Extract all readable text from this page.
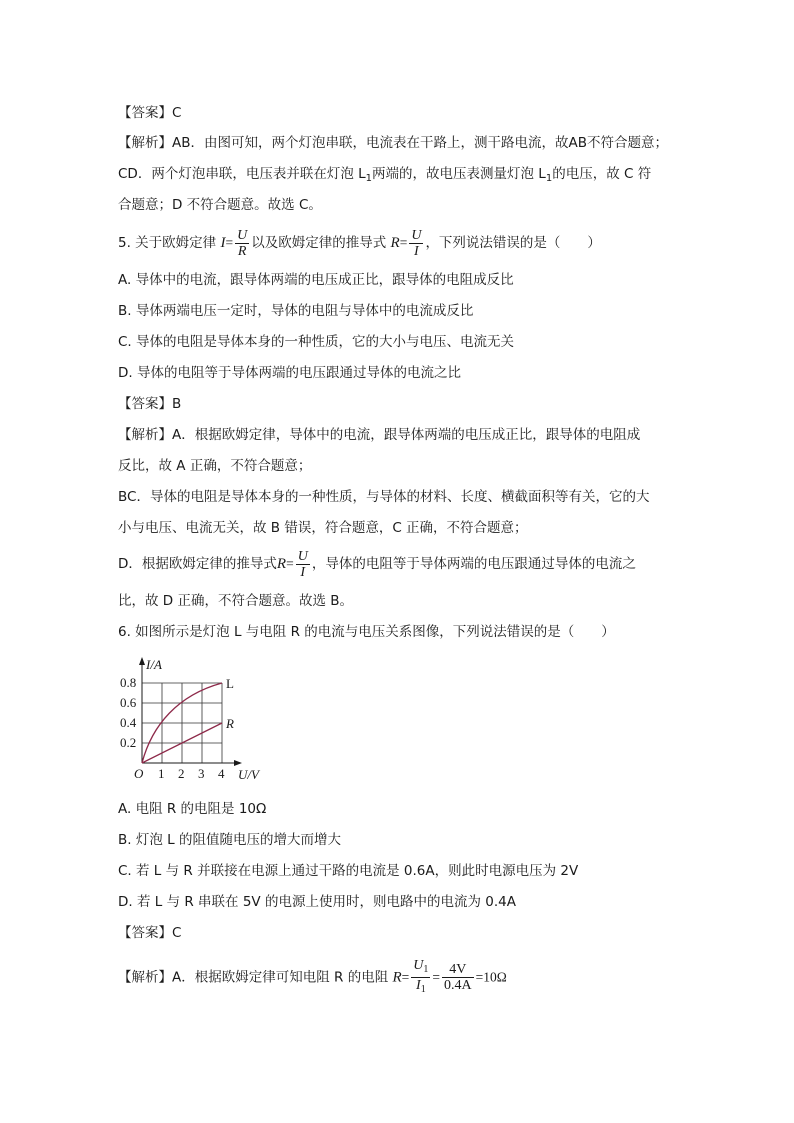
【答案】C
【解析】AB．由图可知，两个灯泡串联，电流表在干路上，测干路电流，故AB不符合题意；
CD．两个灯泡串联，电压表并联在灯泡 $L_1$两端的，故电压表测量灯泡 $L_1$的电压，故 C 符
合题意；D 不符合题意。故选 C。
5. 关于欧姆定律 $I= \frac{U}{R}$ 以及欧姆定律的推导式 $R= \frac{U}{I}$ ，下列说法错误的是（　　）
A. 导体中的电流，跟导体两端的电压成正比，跟导体的电阻成反比
B. 导体两端电压一定时，导体的电阻与导体中的电流成反比
C. 导体的电阻是导体本身的一种性质，它的大小与电压、电流无关
D. 导体的电阻等于导体两端的电压跟通过导体的电流之比
【答案】B
【解析】A．根据欧姆定律，导体中的电流，跟导体两端的电压成正比，跟导体的电阻成
反比，故 A 正确，不符合题意；
BC．导体的电阻是导体本身的一种性质，与导体的材料、长度、横截面积等有关，它的大
小与电压、电流无关，故 B 错误，符合题意，C 正确，不符合题意；
D．根据欧姆定律的推导式$R= \frac{U}{I}$ ，导体的电阻等于导体两端的电压跟通过导体的电流之
比，故 D 正确，不符合题意。故选 B。
6. 如图所示是灯泡 L 与电阻 R 的电流与电压关系图像，下列说法错误的是（　　）
I/A
0.8
0.6
0.4
0.2
O 1 2 3 4 U/V
L
R
A. 电阻 R 的电阻是 10Ω
B. 灯泡 L 的阻值随电压的增大而增大
C. 若 L 与 R 并联接在电源上通过干路的电流是 0.6A，则此时电源电压为 2V
D. 若 L 与 R 串联在 5V 的电源上使用时，则电路中的电流为 0.4A
【答案】C
【解析】A．根据欧姆定律可知电阻 R 的电阻 $R= \frac{U_1}{I_1} = \frac{4V}{0.4A} =10\Omega$
